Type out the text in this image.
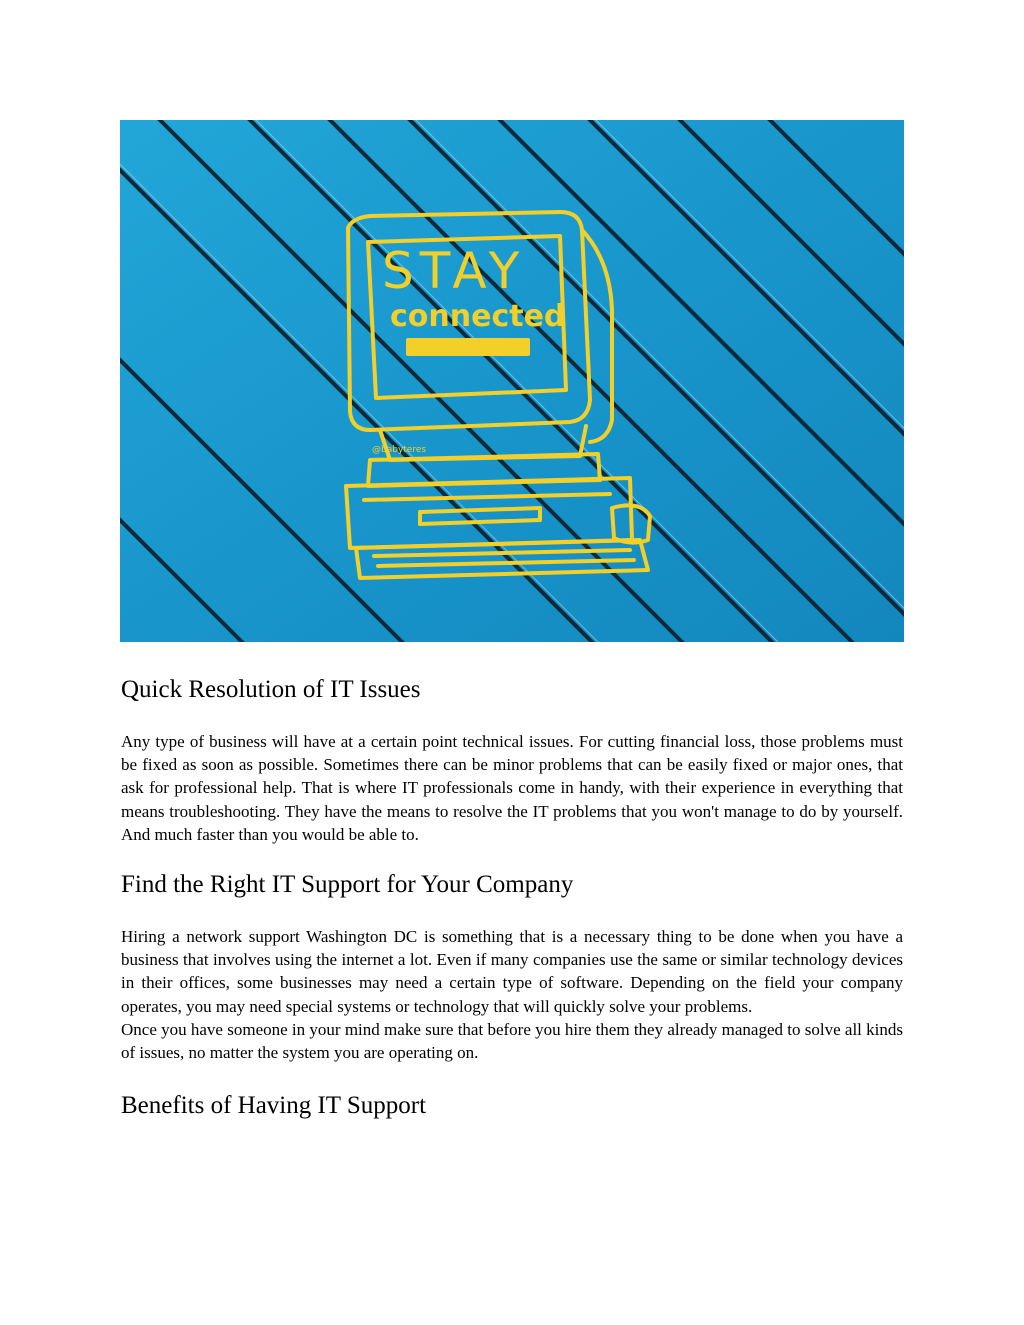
STAY
connected
@babyteres
Quick Resolution of IT Issues

Any type of business will have at a certain point technical issues. For cutting financial loss, those problems must be fixed as soon as possible. Sometimes there can be minor problems that can be easily fixed or major ones, that ask for professional help. That is where IT professionals come in handy, with their experience in everything that means troubleshooting. They have the means to resolve the IT problems that you won't manage to do by yourself. And much faster than you would be able to.

Find the Right IT Support for Your Company

Hiring a network support Washington DC is something that is a necessary thing to be done when you have a business that involves using the internet a lot. Even if many companies use the same or similar technology devices in their offices, some businesses may need a certain type of software. Depending on the field your company operates, you may need special systems or technology that will quickly solve your problems.

Once you have someone in your mind make sure that before you hire them they already managed to solve all kinds of issues, no matter the system you are operating on.

Benefits of Having IT Support
